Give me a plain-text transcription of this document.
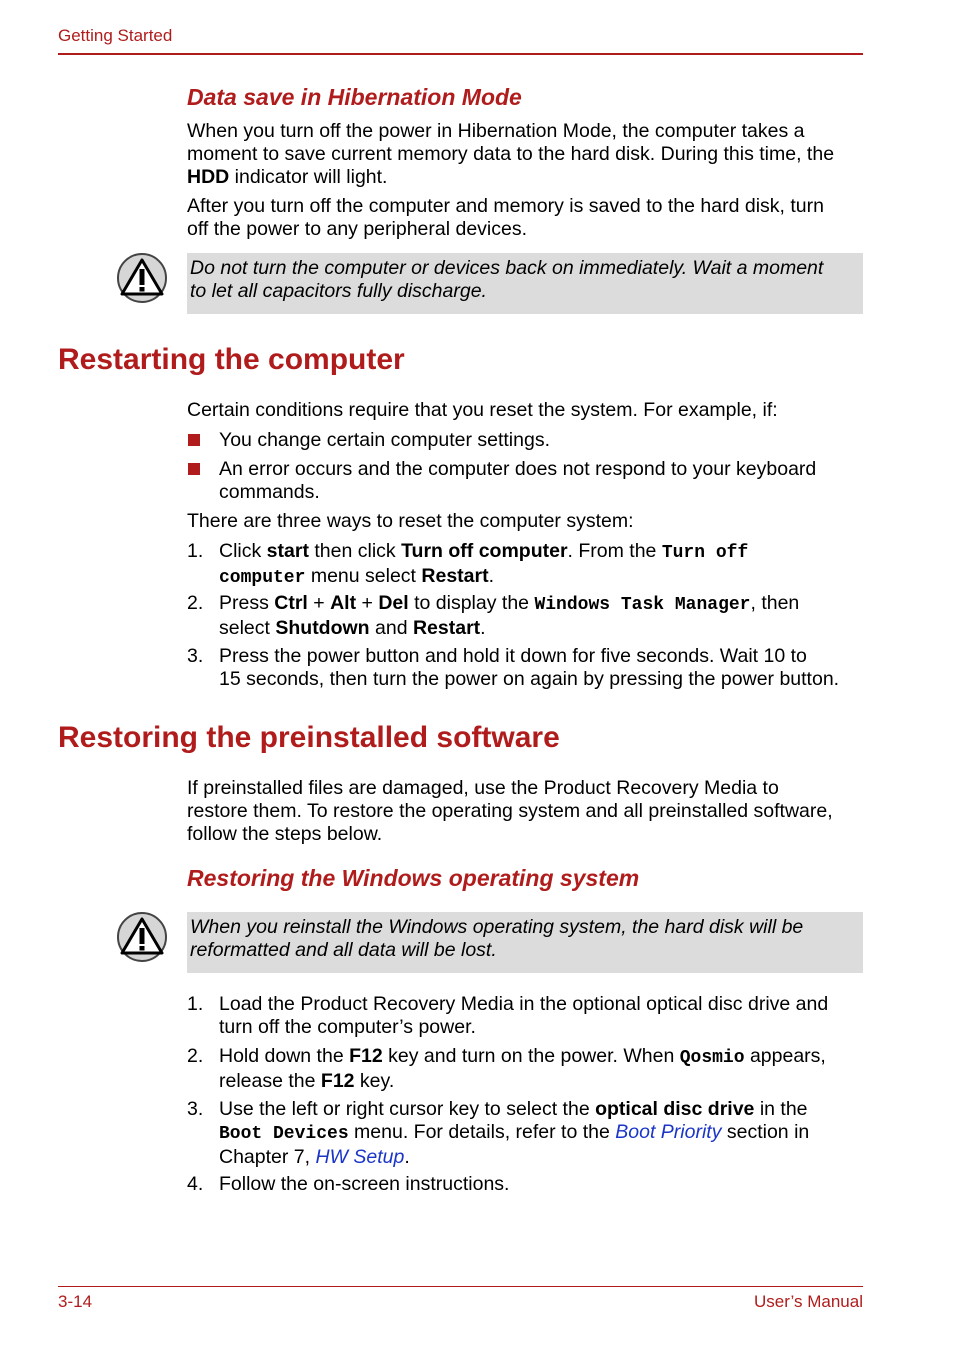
Getting Started
Data save in Hibernation Mode
When you turn off the power in Hibernation Mode, the computer takes a
moment to save current memory data to the hard disk. During this time, the
HDD indicator will light.
After you turn off the computer and memory is saved to the hard disk, turn
off the power to any peripheral devices.
Do not turn the computer or devices back on immediately. Wait a moment
to let all capacitors fully discharge.
Restarting the computer
Certain conditions require that you reset the system. For example, if:
You change certain computer settings.
An error occurs and the computer does not respond to your keyboard
commands.
There are three ways to reset the computer system:
1. Click start then click Turn off computer. From the Turn off
computer menu select Restart.
2. Press Ctrl + Alt + Del to display the Windows Task Manager, then
select Shutdown and Restart.
3. Press the power button and hold it down for five seconds. Wait 10 to
15 seconds, then turn the power on again by pressing the power button.
Restoring the preinstalled software
If preinstalled files are damaged, use the Product Recovery Media to
restore them. To restore the operating system and all preinstalled software,
follow the steps below.
Restoring the Windows operating system
When you reinstall the Windows operating system, the hard disk will be
reformatted and all data will be lost.
1. Load the Product Recovery Media in the optional optical disc drive and
turn off the computer’s power.
2. Hold down the F12 key and turn on the power. When Qosmio appears,
release the F12 key.
3. Use the left or right cursor key to select the optical disc drive in the
Boot Devices menu. For details, refer to the Boot Priority section in
Chapter 7, HW Setup.
4. Follow the on-screen instructions.
3-14	User’s Manual
